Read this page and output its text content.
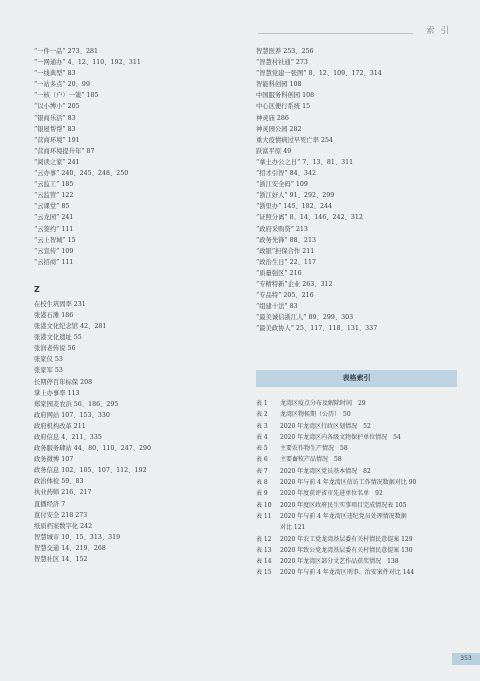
索引
“一件一品” 273、281
“一网通办” 4、12、110、192、311
“一线典型” 83
“一站多点” 20、99
“一核（户）一策” 185
“以小博小” 205
“银商乐活” 83
“银屋帮帮” 83
“营商环境” 191
“营商环境提升年” 87
“阅读之家” 241
“云办事” 240、245、248、250
“云监工” 185
“云监管” 122
“云课堂” 85
“云龙园” 241
“云签约” 111
“云上智城” 15
“云宣传” 109
“云招商” 111
Z
在校生巩固率 231
张港石滩 186
张港文化纪念馆 42、281
张港文化遗址 55
张润老传说 56
张家仪 53
张家军 53
长期停百年标保 208
掌上办事率 113
郑家园麦农浜 56、186、295
政府网站 107、153、330
政府机构改革 211
政府信息 4、211、335
政务服务肆站 44、80、110、247、290
政务微博 107
政务信息 102、105、107、112、192
政治体检 59、83
执业药师 216、217
直播经济 7
直付安全 218 273
纸质档案数字化 242
智慧城市 10、15、313、319
智慧交通 14、219、268
智慧社区 14、152
智慧医养 253、256
“智慧村社通” 273
“智慧党建一张图” 8、12、109、172、314
智能科创园 108
中国服务科创园 108
中心区便行系统 15
神灵庙 286
神灵园公园 282
重大疫情病过早死亡率 254
跃富平原 49
“拿土办公之日” 7、13、81、311
“招才引智” 84、342
“浙江安全码” 109
“浙江好人” 91、292、299
“浙里办” 145、182、244
“证照分离” 8、14、146、242、312
“政府采购贷” 213
“政务先锋” 88、213
“政银”担保合作 211
“政治生日” 22、117
“质量强区” 216
“专精特新”企业 263、312
“专品特” 205、216
“组建十法” 83
“最美诚信浙江人” 89、299、303
“最美政协人” 25、117、118、131、337
表格索引
表 1 龙湾区疫点分布及解除时间　29
表 2 龙湾区物候期（公历）　50
表 3 2020 年龙湾区行政区划情况　52
表 4 2020 年龙湾区内各级文物保护单位情况　54
表 5 主要农作物生产情况　58
表 6 主要畜牧产品情况　58
表 7 2020 年龙湾区党员基本情况　82
表 8 2020 年与前 4 年龙湾区信访工作情况数据对比 90
表 9 2020 年度获评省市先进单位名单　92
表 10 2020 年度区政府民生实事项目完成情况表 105
表 11 2020 年与前 4 年龙湾区违纪党员处理情况数据
对比 121
表 12 2020 年农工党龙湾基层委有关村情民意提案 129
表 13 2020 年致公党龙湾基层委有关村情民意提案 130
表 14 2020 年龙湾区部分文艺作品获奖情况　138
表 15 2020 年与前 4 年龙湾区刑事、治安案件对比 144
353
